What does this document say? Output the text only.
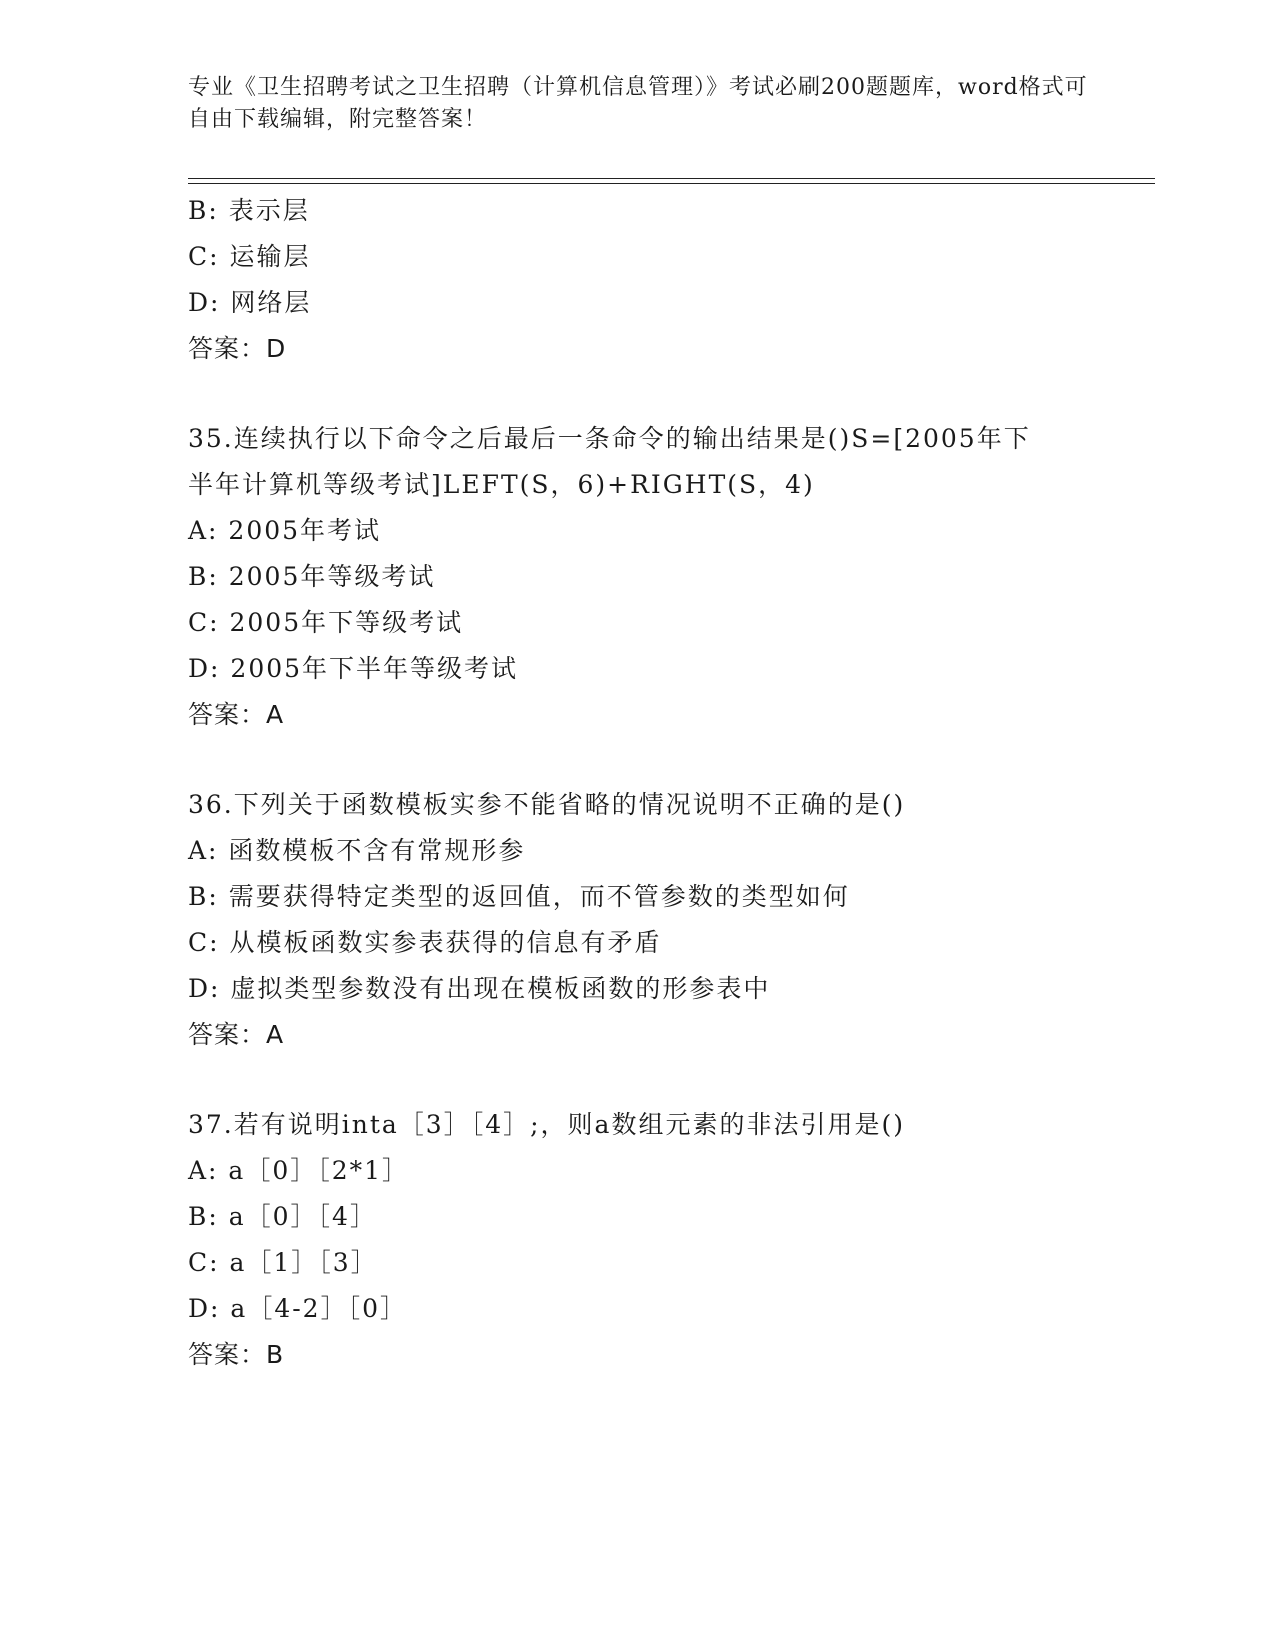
专业《卫生招聘考试之卫生招聘（计算机信息管理）》考试必刷200题题库，word格式可自由下载编辑，附完整答案！
B: 表示层
C: 运输层
D: 网络层
答案：D
35.连续执行以下命令之后最后一条命令的输出结果是()S=[2005年下半年计算机等级考试]LEFT(S，6)+RIGHT(S，4)
A: 2005年考试
B: 2005年等级考试
C: 2005年下等级考试
D: 2005年下半年等级考试
答案：A
36.下列关于函数模板实参不能省略的情况说明不正确的是()
A: 函数模板不含有常规形参
B: 需要获得特定类型的返回值，而不管参数的类型如何
C: 从模板函数实参表获得的信息有矛盾
D: 虚拟类型参数没有出现在模板函数的形参表中
答案：A
37.若有说明inta［3］［4］;，则a数组元素的非法引用是()
A: a［0］［2*1］
B: a［0］［4］
C: a［1］［3］
D: a［4-2］［0］
答案：B
